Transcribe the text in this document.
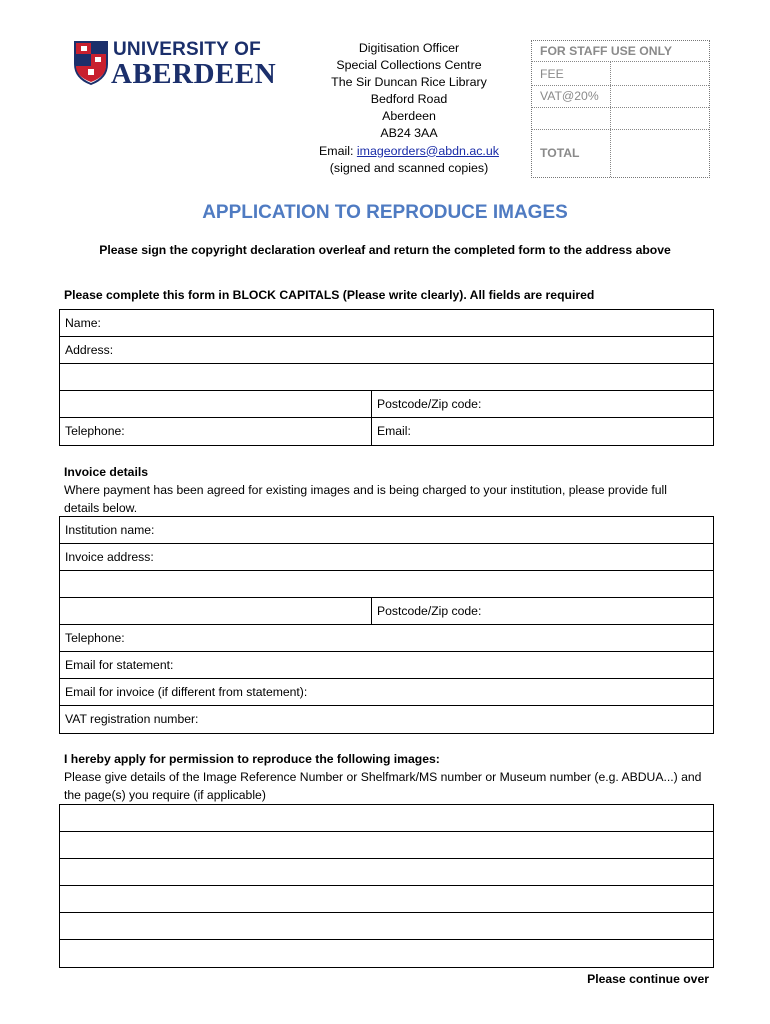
UNIVERSITY OF
ABERDEEN
Digitisation Officer
Special Collections Centre
The Sir Duncan Rice Library
Bedford Road
Aberdeen
AB24 3AA
Email: imageorders@abdn.ac.uk
(signed and scanned copies)
FOR STAFF USE ONLY
FEE
VAT@20%
TOTAL
APPLICATION TO REPRODUCE IMAGES
Please sign the copyright declaration overleaf and return the completed form to the address above
Please complete this form in BLOCK CAPITALS (Please write clearly). All fields are required
Name:
Address:
Postcode/Zip code:
Telephone:	Email:
Invoice details
Where payment has been agreed for existing images and is being charged to your institution, please provide full details below.
Institution name:
Invoice address:
Postcode/Zip code:
Telephone:
Email for statement:
Email for invoice (if different from statement):
VAT registration number:
I hereby apply for permission to reproduce the following images:
Please give details of the Image Reference Number or Shelfmark/MS number or Museum number (e.g. ABDUA...) and the page(s) you require (if applicable)
Please continue over
